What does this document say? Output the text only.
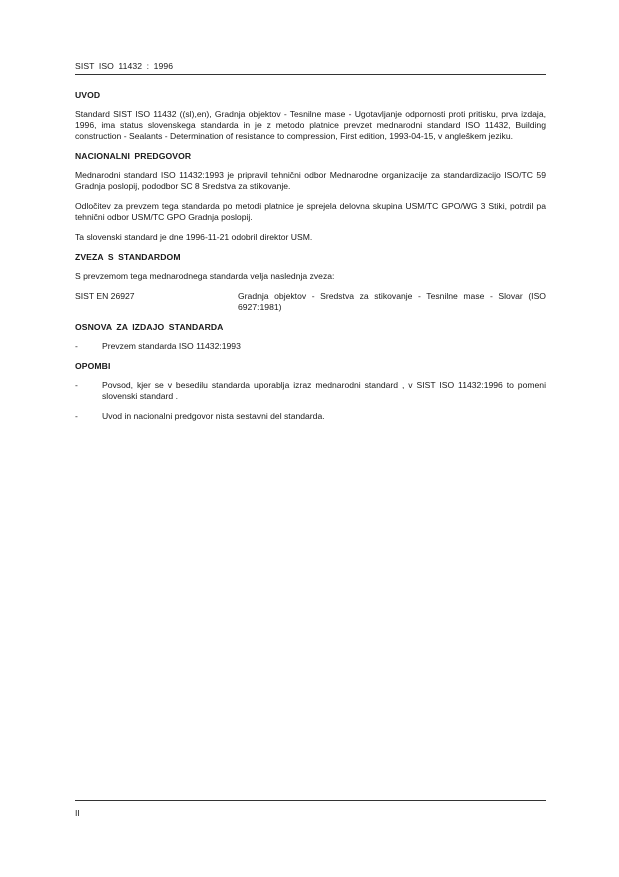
SIST ISO 11432 : 1996
UVOD

Standard SIST ISO 11432 ((sl),en), Gradnja objektov - Tesnilne mase - Ugotavljanje odpornosti proti pritisku, prva izdaja, 1996, ima status slovenskega standarda in je z metodo platnice prevzet mednarodni standard ISO 11432, Building construction - Sealants - Determination of resistance to compression, First edition, 1993-04-15, v angleškem jeziku.

NACIONALNI PREDGOVOR

Mednarodni standard ISO 11432:1993 je pripravil tehnični odbor Mednarodne organizacije za standardizacijo ISO/TC 59 Gradnja poslopij, pododbor SC 8 Sredstva za stikovanje.

Odločitev za prevzem tega standarda po metodi platnice je sprejela delovna skupina USM/TC GPO/WG 3 Stiki, potrdil pa tehnični odbor USM/TC GPO Gradnja poslopij.

Ta slovenski standard je dne 1996-11-21 odobril direktor USM.

ZVEZA S STANDARDOM

S prevzemom tega mednarodnega standarda velja naslednja zveza:

SIST EN 26927	Gradnja objektov - Sredstva za stikovanje - Tesnilne mase - Slovar (ISO 6927:1981)
OSNOVA ZA IZDAJO STANDARDA
-	Prevzem standarda ISO 11432:1993
OPOMBI
-	Povsod, kjer se v besedilu standarda uporablja izraz mednarodni standard , v SIST ISO 11432:1996 to pomeni slovenski standard .
-	Uvod in nacionalni predgovor nista sestavni del standarda.
II
